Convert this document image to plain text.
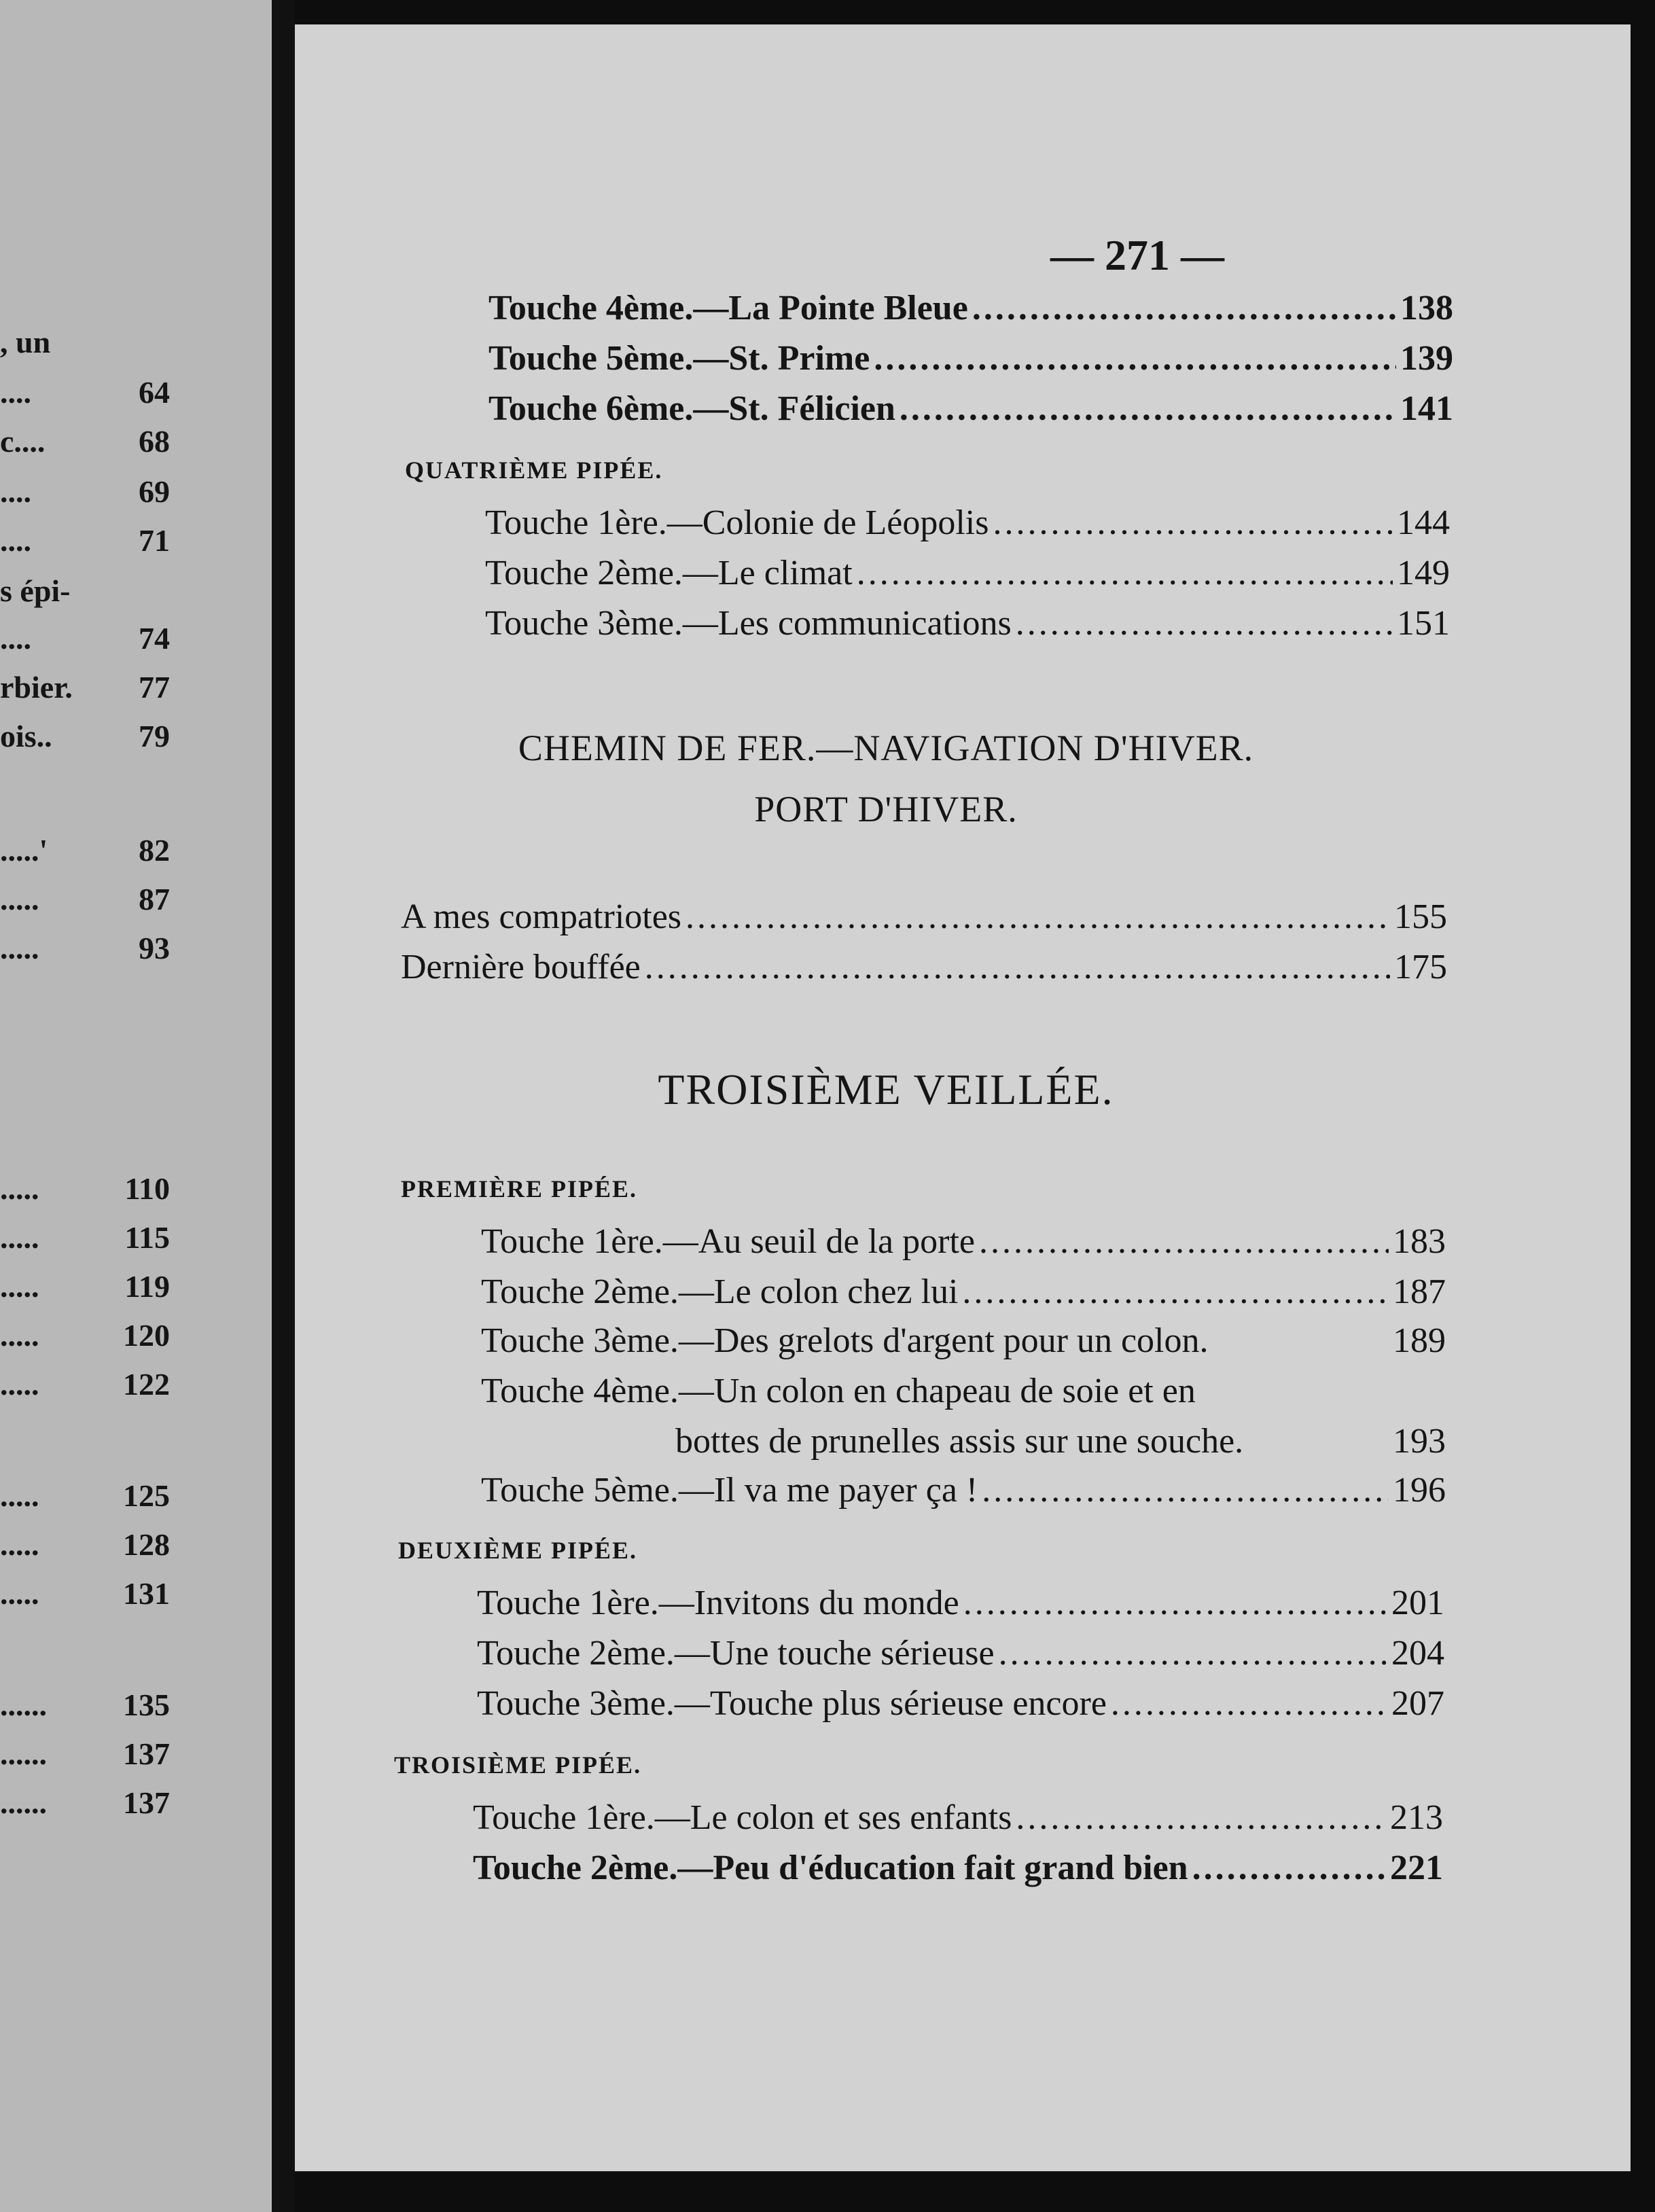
, un
....	64
c....	68
....	69
....	71
s épi-
....	74
rbier. 77
ois..	79
.....'	82
.....	87
.....	93
.....	110
.....	115
.....	119
.....	120
.....	122
.....	125
.....	128
.....	131
...... 135
...... 137
...... 137
— 271 —
Touche 4ème.—La Pointe Bleue .....	138
Touche 5ème.—St. Prime .....	139
Touche 6ème.—St. Félicien .....	141
QUATRIÈME PIPÉE.
Touche 1ère.—Colonie de Léopolis .....	144
Touche 2ème.—Le climat .....	149
Touche 3ème.—Les communications .....	151
CHEMIN DE FER.—NAVIGATION D'HIVER.
PORT D'HIVER.
A mes compatriotes .....	155
Dernière bouffée .....	175
TROISIÈME VEILLÉE.
PREMIÈRE PIPÉE.
Touche 1ère.—Au seuil de la porte .....	183
Touche 2ème.—Le colon chez lui .....	187
Touche 3ème.—Des grelots d'argent pour un colon.	189
Touche 4ème.—Un colon en chapeau de soie et en
bottes de prunelles assis sur une souche.	193
Touche 5ème.—Il va me payer ça ! .....	196
DEUXIÈME PIPÉE.
Touche 1ère.—Invitons du monde .....	201
Touche 2ème.—Une touche sérieuse .....	204
Touche 3ème.—Touche plus sérieuse encore .....	207
TROISIÈME PIPÉE.
Touche 1ère.—Le colon et ses enfants .....	213
Touche 2ème.—Peu d'éducation fait grand bien .....	221
